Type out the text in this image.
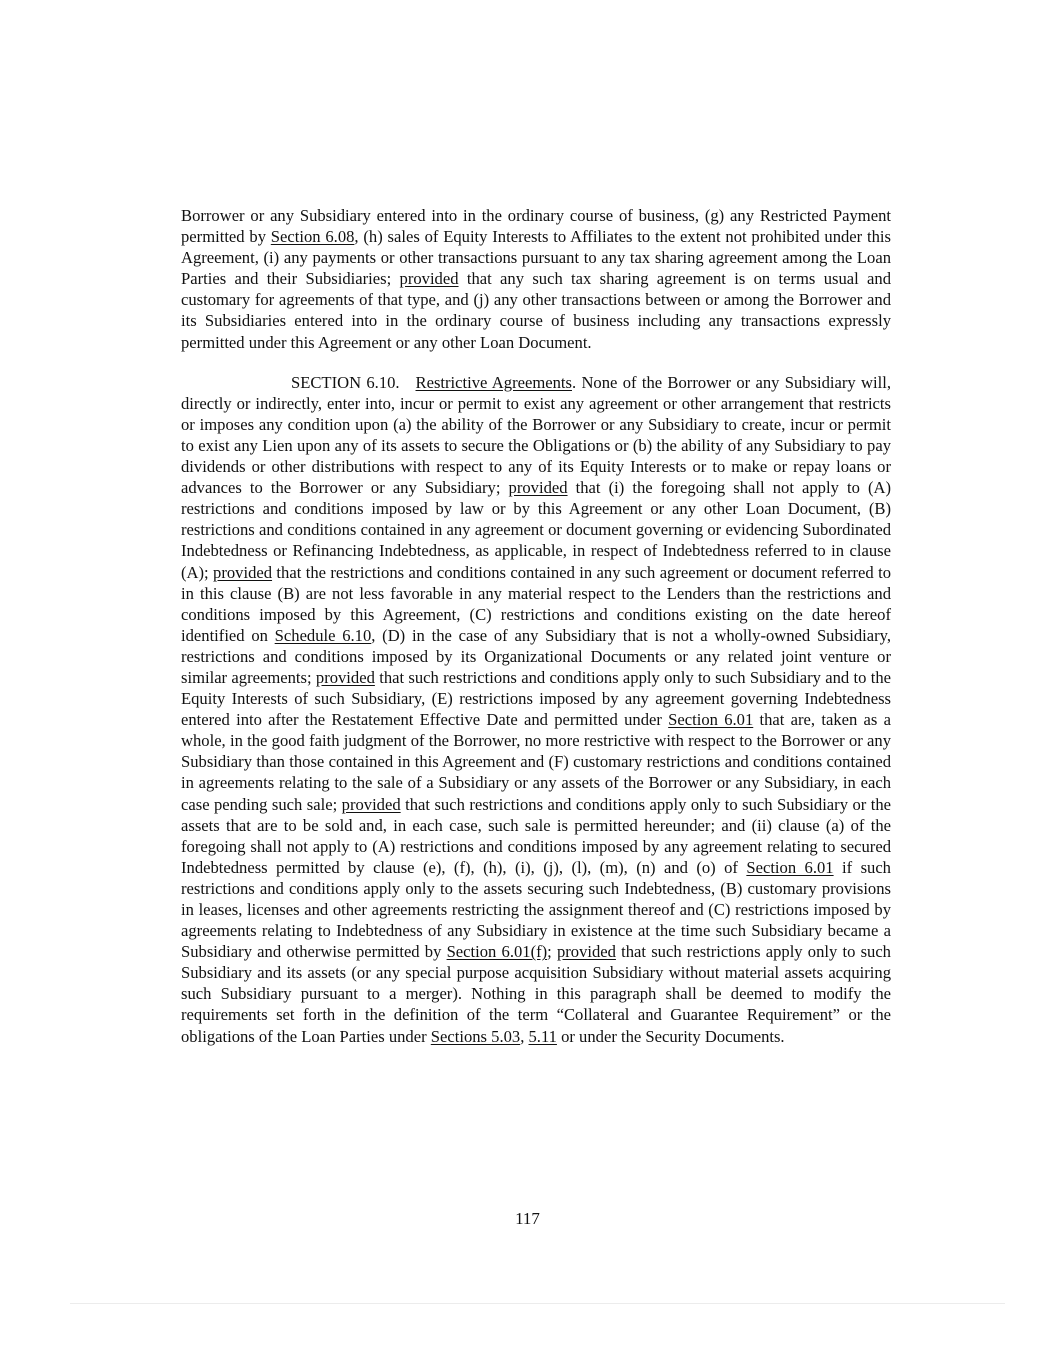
Borrower or any Subsidiary entered into in the ordinary course of business, (g) any Restricted Payment permitted by Section 6.08, (h) sales of Equity Interests to Affiliates to the extent not prohibited under this Agreement, (i) any payments or other transactions pursuant to any tax sharing agreement among the Loan Parties and their Subsidiaries; provided that any such tax sharing agreement is on terms usual and customary for agreements of that type, and (j) any other transactions between or among the Borrower and its Subsidiaries entered into in the ordinary course of business including any transactions expressly permitted under this Agreement or any other Loan Document.

SECTION 6.10. Restrictive Agreements. None of the Borrower or any Subsidiary will, directly or indirectly, enter into, incur or permit to exist any agreement or other arrangement that restricts or imposes any condition upon (a) the ability of the Borrower or any Subsidiary to create, incur or permit to exist any Lien upon any of its assets to secure the Obligations or (b) the ability of any Subsidiary to pay dividends or other distributions with respect to any of its Equity Interests or to make or repay loans or advances to the Borrower or any Subsidiary; provided that (i) the foregoing shall not apply to (A) restrictions and conditions imposed by law or by this Agreement or any other Loan Document, (B) restrictions and conditions contained in any agreement or document governing or evidencing Subordinated Indebtedness or Refinancing Indebtedness, as applicable, in respect of Indebtedness referred to in clause (A); provided that the restrictions and conditions contained in any such agreement or document referred to in this clause (B) are not less favorable in any material respect to the Lenders than the restrictions and conditions imposed by this Agreement, (C) restrictions and conditions existing on the date hereof identified on Schedule 6.10, (D) in the case of any Subsidiary that is not a wholly-owned Subsidiary, restrictions and conditions imposed by its Organizational Documents or any related joint venture or similar agreements; provided that such restrictions and conditions apply only to such Subsidiary and to the Equity Interests of such Subsidiary, (E) restrictions imposed by any agreement governing Indebtedness entered into after the Restatement Effective Date and permitted under Section 6.01 that are, taken as a whole, in the good faith judgment of the Borrower, no more restrictive with respect to the Borrower or any Subsidiary than those contained in this Agreement and (F) customary restrictions and conditions contained in agreements relating to the sale of a Subsidiary or any assets of the Borrower or any Subsidiary, in each case pending such sale; provided that such restrictions and conditions apply only to such Subsidiary or the assets that are to be sold and, in each case, such sale is permitted hereunder; and (ii) clause (a) of the foregoing shall not apply to (A) restrictions and conditions imposed by any agreement relating to secured Indebtedness permitted by clause (e), (f), (h), (i), (j), (l), (m), (n) and (o) of Section 6.01 if such restrictions and conditions apply only to the assets securing such Indebtedness, (B) customary provisions in leases, licenses and other agreements restricting the assignment thereof and (C) restrictions imposed by agreements relating to Indebtedness of any Subsidiary in existence at the time such Subsidiary became a Subsidiary and otherwise permitted by Section 6.01(f); provided that such restrictions apply only to such Subsidiary and its assets (or any special purpose acquisition Subsidiary without material assets acquiring such Subsidiary pursuant to a merger). Nothing in this paragraph shall be deemed to modify the requirements set forth in the definition of the term “Collateral and Guarantee Requirement” or the obligations of the Loan Parties under Sections 5.03, 5.11 or under the Security Documents.

117
